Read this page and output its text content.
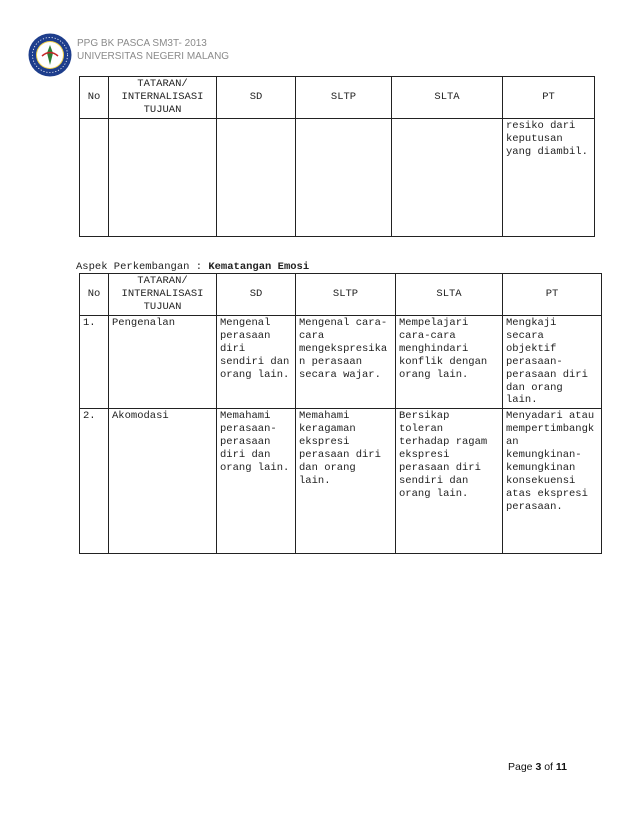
PPG BK PASCA SM3T- 2013
UNIVERSITAS NEGERI MALANG
No	TATARAN/ INTERNALISASI TUJUAN	SD	SLTP	SLTA	PT
					resiko dari keputusan yang diambil.
Aspek Perkembangan : Kematangan Emosi
No	TATARAN/ INTERNALISASI TUJUAN	SD	SLTP	SLTA	PT
1.	Pengenalan	Mengenal perasaan diri sendiri dan orang lain.	Mengenal cara-cara mengekspresikan perasaan secara wajar.	Mempelajari cara-cara menghindari konflik dengan orang lain.	Mengkaji secara objektif perasaan-perasaan diri dan orang lain.
2.	Akomodasi	Memahami perasaan-perasaan diri dan orang lain.	Memahami keragaman ekspresi perasaan diri dan orang lain.	Bersikap toleran terhadap ragam ekspresi perasaan diri sendiri dan orang lain.	Menyadari atau mempertimbangkan kemungkinan-kemungkinan konsekuensi atas ekspresi perasaan.
Page 3 of 11
